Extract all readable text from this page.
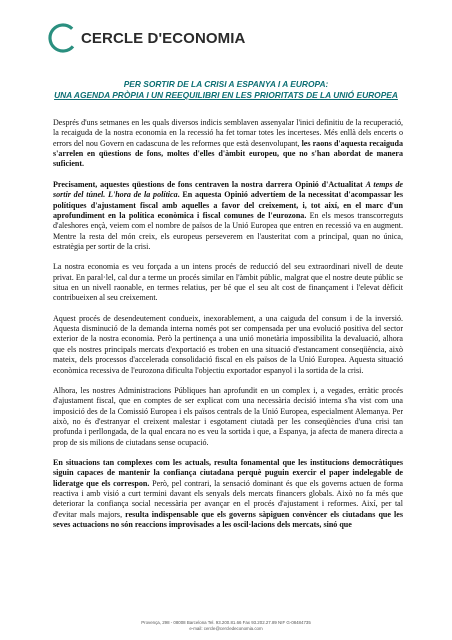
CERCLE D'ECONOMIA
PER SORTIR DE LA CRISI A ESPANYA I A EUROPA:
UNA AGENDA PRÒPIA I UN REEQUILIBRI EN LES PRIORITATS DE LA UNIÓ EUROPEA

Després d'uns setmanes en les quals diversos indicis semblaven assenyalar l'inici definitiu de la recuperació, la recaiguda de la nostra economia en la recessió ha fet tornar totes les incerteses. Més enllà dels encerts o errors del nou Govern en cadascuna de les reformes que està desenvolupant, les raons d'aquesta recaiguda s'arrelen en qüestions de fons, moltes d'elles d'àmbit europeu, que no s'han abordat de manera suficient.

Precisament, aquestes qüestions de fons centraven la nostra darrera Opinió d'Actualitat A temps de sortir del túnel. L'hora de la política. En aquesta Opinió advertíem de la necessitat d'acompassar les polítiques d'ajustament fiscal amb aquelles a favor del creixement, i, tot així, en el marc d'un aprofundiment en la política econòmica i fiscal comunes de l'eurozona. En els mesos transcorreguts d'aleshores ençà, veiem com el nombre de països de la Unió Europea que entren en recessió va en augment. Mentre la resta del món creix, els europeus perseverem en l'austeritat com a principal, quan no única, estratègia per sortir de la crisi.

La nostra economia es veu forçada a un intens procés de reducció del seu extraordinari nivell de deute privat. En paral·lel, cal dur a terme un procés similar en l'àmbit públic, malgrat que el nostre deute públic se situa en un nivell raonable, en termes relatius, per bé que el seu alt cost de finançament i l'elevat dèficit contribueixen al seu creixement.

Aquest procés de desendeutement condueix, inexorablement, a una caiguda del consum i de la inversió. Aquesta disminució de la demanda interna només pot ser compensada per una evolució positiva del sector exterior de la nostra economia. Però la pertinença a una unió monetària impossibilita la devaluació, alhora que els nostres principals mercats d'exportació es troben en una situació d'estancament conseqüència, això mateix, dels processos d'accelerada consolidació fiscal en els països de la Unió Europea. Aquesta situació econòmica recessiva de l'eurozona dificulta l'objectiu exportador espanyol i la sortida de la crisi.

Alhora, les nostres Administracions Públiques han aprofundit en un complex i, a vegades, erràtic procés d'ajustament fiscal, que en comptes de ser explicat com una necessària decisió interna s'ha vist com una imposició des de la Comissió Europea i els països centrals de la Unió Europea, especialment Alemanya. Per això, no és d'estranyar el creixent malestar i esgotament ciutadà per les conseqüències d'una crisi tan profunda i perllongada, de la qual encara no es veu la sortida i que, a Espanya, ja afecta de manera directa a prop de sis milions de ciutadans sense ocupació.

En situacions tan complexes com les actuals, resulta fonamental que les institucions democràtiques siguin capaces de mantenir la confiança ciutadana perquè puguin exercir el paper indelegable de lideratge que els correspon. Però, pel contrari, la sensació dominant és que els governs actuen de forma reactiva i amb visió a curt termini davant els senyals dels mercats financers globals. Això no fa més que deteriorar la confiança social necessària per avançar en el procés d'ajustament i reformes. Així, per tal d'evitar mals majors, resulta indispensable que els governs sàpiguen convèncer els ciutadans que les seves actuacions no són reaccions improvisades a les oscil·lacions dels mercats, sinó que

Provença, 298 - 08008 Barcelona Tel. 93.200.81.66 Fax 93.202.27.89 NIF G-08484735
e-mail: cercle@cercledeconomia.com
